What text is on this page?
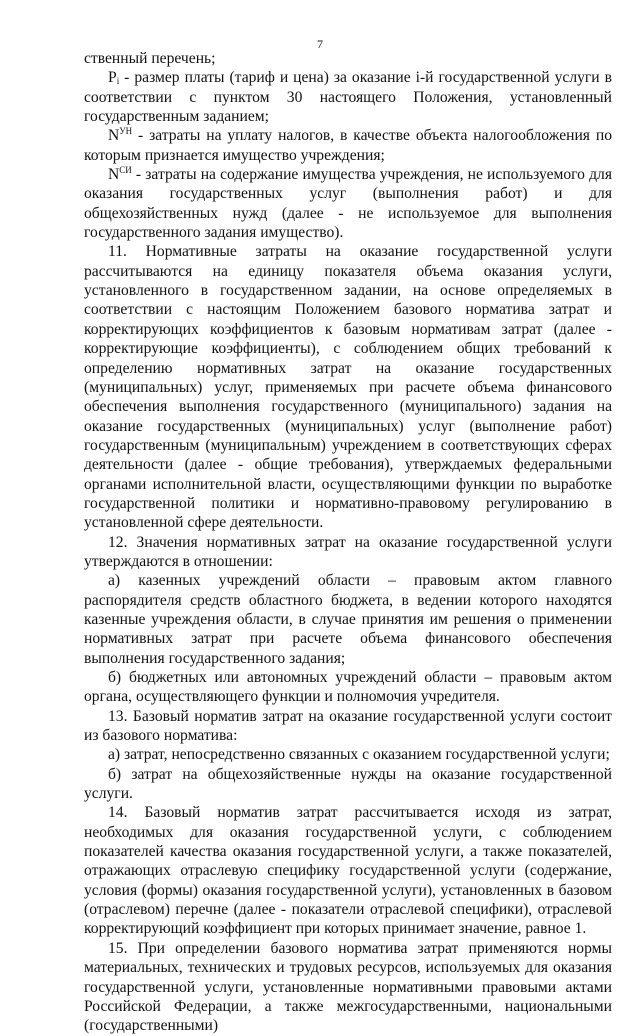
7

ственный перечень;

$P_i$ - размер платы (тариф и цена) за оказание i-й государственной услуги в соответствии с пунктом 30 настоящего Положения, установленный государственным заданием;

$N^{УН}$ - затраты на уплату налогов, в качестве объекта налогообложения по которым признается имущество учреждения;

$N^{СИ}$ - затраты на содержание имущества учреждения, не используемого для оказания государственных услуг (выполнения работ) и для общехозяйственных нужд (далее - не используемое для выполнения государственного задания имущество).

11. Нормативные затраты на оказание государственной услуги рассчитываются на единицу показателя объема оказания услуги, установленного в государственном задании, на основе определяемых в соответствии с настоящим Положением базового норматива затрат и корректирующих коэффициентов к базовым нормативам затрат (далее - корректирующие коэффициенты), с соблюдением общих требований к определению нормативных затрат на оказание государственных (муниципальных) услуг, применяемых при расчете объема финансового обеспечения выполнения государственного (муниципального) задания на оказание государственных (муниципальных) услуг (выполнение работ) государственным (муниципальным) учреждением в соответствующих сферах деятельности (далее - общие требования), утверждаемых федеральными органами исполнительной власти, осуществляющими функции по выработке государственной политики и нормативно-правовому регулированию в установленной сфере деятельности.

12. Значения нормативных затрат на оказание государственной услуги утверждаются в отношении:

а) казенных учреждений области – правовым актом главного распорядителя средств областного бюджета, в ведении которого находятся казенные учреждения области, в случае принятия им решения о применении нормативных затрат при расчете объема финансового обеспечения выполнения государственного задания;

б) бюджетных или автономных учреждений области – правовым актом органа, осуществляющего функции и полномочия учредителя.

13. Базовый норматив затрат на оказание государственной услуги состоит из базового норматива:

а) затрат, непосредственно связанных с оказанием государственной услуги;

б) затрат на общехозяйственные нужды на оказание государственной услуги.

14. Базовый норматив затрат рассчитывается исходя из затрат, необходимых для оказания государственной услуги, с соблюдением показателей качества оказания государственной услуги, а также показателей, отражающих отраслевую специфику государственной услуги (содержание, условия (формы) оказания государственной услуги), установленных в базовом (отраслевом) перечне (далее - показатели отраслевой специфики), отраслевой корректирующий коэффициент при которых принимает значение, равное 1.

15. При определении базового норматива затрат применяются нормы материальных, технических и трудовых ресурсов, используемых для оказания государственной услуги, установленные нормативными правовыми актами Российской Федерации, а также межгосударственными, национальными (государственными)
